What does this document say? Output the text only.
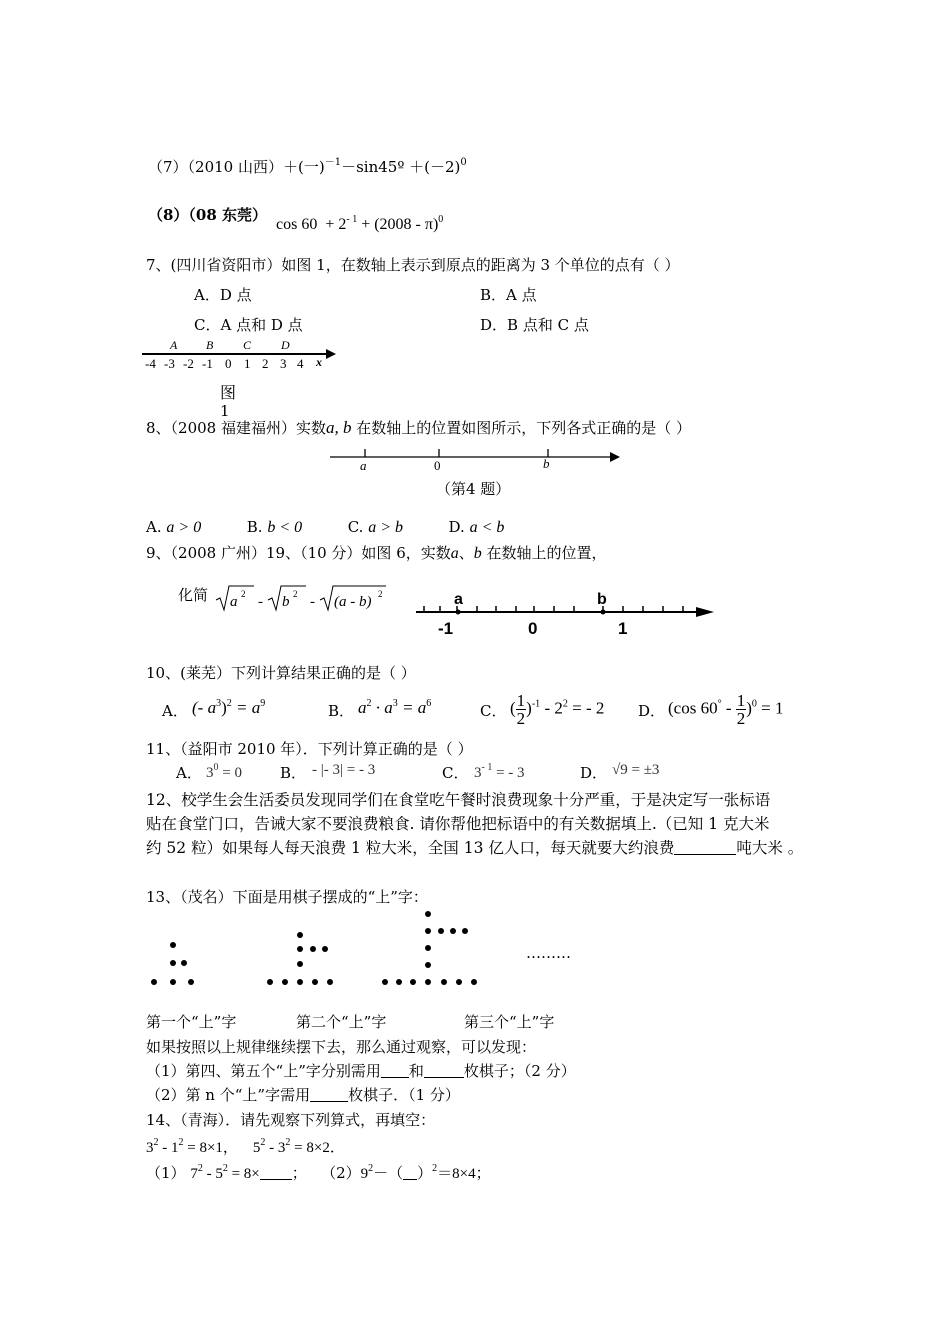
（7）（2010 山西）＋(一)$^{-1}$－sin45º $+(-2)^0$
（8）（08 东莞）
$\cos 60 + 2^{- 1} + (2008 - \pi)^0$
7、(四川省资阳市）如图 1，在数轴上表示到原点的距离为 3 个单位的点有（ ）
A．D 点	B．A 点
C．A 点和 D 点	D．B 点和 C 点
A B C D
-4 -3 -2 -1 0 1 2 3 4 x
图
1
8、（2008 福建福州）实数a, b 在数轴上的位置如图所示，下列各式正确的是（ ）
a	0	b
（第4 题）
A. a > 0	B. b < 0	C. a > b	D. a < b
9、（2008 广州）19、（10 分）如图 6，实数a、b 在数轴上的位置，
化简 a 2 - b 2 - (a - b) 2	a	b
-1	0	1
10、(莱芜）下列计算结果正确的是（ ）
A． (- $a^3)^2 = a^9$	B． $a^2 \cdot a^3 = a^6$	C． ( $\frac{1}{2} )^{-1} - 2^2$ = - 2 D． (cos $60^\circ - \frac{1}{2} )^0 = 1$
11、（益阳市 2010 年）．下列计算正确的是（ ）
A． $3^0 = 0$	B． - |- 3| = - 3	C． $3^{- 1}$ = - 3	D． √9 = ±3
12、校学生会生活委员发现同学们在食堂吃午餐时浪费现象十分严重，于是决定写一张标语
贴在食堂门口，告诫大家不要浪费粮食. 请你帮他把标语中的有关数据填上.（已知 1 克大米
约 52 粒）如果每人每天浪费 1 粒大米，全国 13 亿人口，每天就要大约浪费	吨大米 。
13、（茂名）下面是用棋子摆成的“上”字：
………
第一个“上”字	第二个“上”字	第三个“上”字
如果按照以上规律继续摆下去，那么通过观察，可以发现：
（1）第四、第五个“上”字分别需用 和	枚棋子；（2 分）
（2）第 n 个“上”字需用	枚棋子．（1 分）
14、（青海）．请先观察下列算式，再填空：
$3^2 - 1^2 = 8\times 1$， $5^2 - 3^2 = 8\times 2$．
（1） $7^2 - 5^2 = 8\times$ ； $(2)9^2-$（ ）$^2$＝8×4；
